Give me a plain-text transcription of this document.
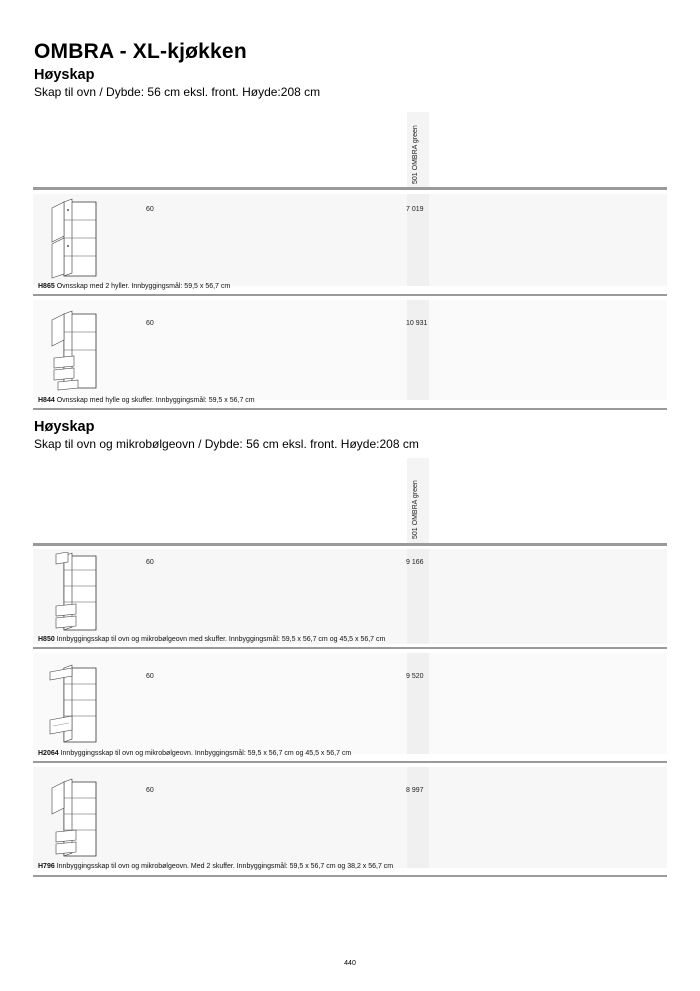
OMBRA - XL-kjøkken
Høyskap
Skap til ovn / Dybde: 56 cm eksl. front. Høyde:208 cm
501 OMBRA green
60	7 019
H865 Ovnsskap med 2 hyller. Innbyggingsmål: 59,5 x 56,7 cm
60	10 931
H844 Ovnsskap med hylle og skuffer. Innbyggingsmål: 59,5 x 56,7 cm
Høyskap
Skap til ovn og mikrobølgeovn / Dybde: 56 cm eksl. front. Høyde:208 cm
501 OMBRA green
60	9 166
H850 Innbyggingsskap til ovn og mikrobølgeovn med skuffer. Innbyggingsmål: 59,5 x 56,7 cm og 45,5 x 56,7 cm
60	9 520
H2064 Innbyggingsskap til ovn og mikrobølgeovn. Innbyggingsmål: 59,5 x 56,7 cm og 45,5 x 56,7 cm
60	8 997
H796 Innbyggingsskap til ovn og mikrobølgeovn. Med 2 skuffer. Innbyggingsmål: 59,5 x 56,7 cm og 38,2 x 56,7 cm
440
